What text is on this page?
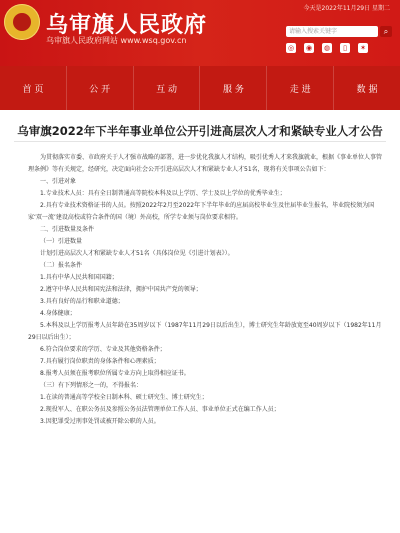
乌审旗人民政府
乌审旗人民政府网站 www.wsq.gov.cn
今天是2022年11月29日 星期二
请输入搜索关键字	⌕
◎ ◉ ◍	▯	✶
首 页	公 开	互 动	服 务	走 进	数 据
乌审旗2022年下半年事业单位公开引进高层次人才和紧缺专业人才公告

为贯彻落实市委、市政府关于人才强市战略的部署，进一步优化我旗人才结构，吸引优秀人才来我旗就业，根据《事业单位人事管理条例》等有关规定，经研究，决定面向社会公开引进高层次人才和紧缺专业人才51名，现将有关事项公告如下：

一、引进对象

1.专业技术人员：具有全日制普通高等院校本科及以上学历、学士及以上学位的优秀毕业生；

2.具有专业技术资格证书的人员。按照2022年2月至2022年下半年毕业的应届高校毕业生及往届毕业生报名，毕业院校须为国家‘双一流’建设高校或符合条件的国（境）外高校，所学专业须与岗位要求相符。

二、引进数量及条件

（一）引进数量

计划引进高层次人才和紧缺专业人才51名（具体岗位见《引进计划表》）。

（二）报名条件

1.具有中华人民共和国国籍；

2.遵守中华人民共和国宪法和法律，拥护中国共产党的领导；

3.具有良好的品行和职业道德；

4.身体健康；

5.本科及以上学历报考人员年龄在35周岁以下（1987年11月29日以后出生），博士研究生年龄放宽至40周岁以下（1982年11月29日以后出生）；

6.符合岗位要求的学历、专业及其他资格条件；

7.具有履行岗位职责的身体条件和心理素质；

8.报考人员须在报考职位所属专业方向上取得相应证书。

（三）有下列情形之一的，不得报名：

1.在读的普通高等学校全日制本科、硕士研究生、博士研究生；

2.现役军人、在职公务员及参照公务员法管理单位工作人员、事业单位正式在编工作人员；

3.因犯罪受过刑事处罚或被开除公职的人员。
